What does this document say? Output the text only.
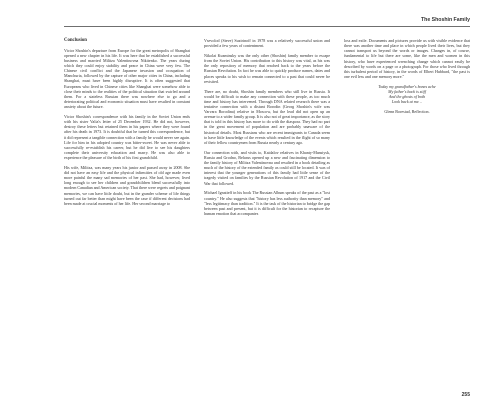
The Shoshin Family
Conclusion

Victor Shoshin's departure from Europe for the great metropolis of Shanghai opened a new chapter in his life. It was here that he established a successful business and married Militza Valentinovna Nikitenko. The years during which they could enjoy stability and peace in China were very few. The Chinese civil conflict and the Japanese invasion and occupation of Manchuria, followed by the capture of other major cities in China, including Shanghai, must have been highly disruptive. It is often suggested that Europeans who lived in Chinese cities like Shanghai were somehow able to close their minds to the realities of the political situation that swirled around them. For a stateless Russian there was nowhere else to go and a deteriorating political and economic situation must have resulted in constant anxiety about the future.

Victor Shoshin's correspondence with his family in the Soviet Union ends with his sister Valia's letter of 25 December 1932. He did not, however, destroy these letters but retained them in his papers where they were found after his death in 1973. It is doubtful that he turned this correspondence, but it did represent a tangible connection with a family he would never see again. Life for him in his adopted country was bitter-sweet. He was never able to successfully re-establish his career, but he did live to see his daughters complete their university education and marry. He was also able to experience the pleasure of the birth of his first grandchild.

His wife, Militza, was many years his junior and passed away in 2008. She did not have an easy life and the physical infirmities of old age made even more painful the many sad memories of her past. She had, however, lived long enough to see her children and grandchildren blend successfully into modern Canadian and American society. That there were regrets and poignant memories, we can have little doubt, but in the grander scheme of life things turned out far better than might have been the case if different decisions had been made at crucial moments of her life. Her second marriage to

Vsevolod (Steve) Suzirinoff in 1978 was a relatively successful union and provided a few years of contentment.

Nikolai Kuzminsky was the only other (Shoshin) family member to escape from the Soviet Union. His contribution to this history was vital, as his was the only repository of memory that reached back to the years before the Russian Revolution. In fact he was able to quickly produce names, dates and places speaks to his wish to remain connected to a past that could never be revisited.

There are, no doubt, Shoshin family members who still live in Russia. It would be difficult to make any connection with these people, as too much time and history has intervened. Through DNA related research there was a tentative connection with a distant Borodin (Georg Shoshin's wife was Varvara Borodina) relative in Moscow, but the lead did not open up an avenue to a wider family group. It is also not of great importance, as the story that is told in this history has more to do with the diaspora. They had no part in the great movement of population and are probably unaware of the historical details. Most Russians who are recent immigrants to Canada seem to have little knowledge of the events which resulted in the flight of so many of their fellow countrymen from Russia nearly a century ago.

Our connection with, and visits to, Kaidalov relatives in Khanty-Mansiysk, Russia and Grodno, Belarus opened up a new and fascinating dimension to the family history of Militza Valentinovna and resulted in a book detailing as much of the history of the extended family as could still be located. It was of interest that the younger generations of this family had little sense of the tragedy visited on families by the Russian Revolution of 1917 and the Civil War that followed.

Michael Ignatieff in his book The Russian Album speaks of the past as a "lost country." He also suggests that "history has less authority than memory" and "less legitimacy than tradition." It is the task of the historian to bridge the gap between past and present, but it is difficult for the historian to recapture the human emotion that accompanies

loss and exile. Documents and pictures provide us with visible evidence that there was another time and place in which people lived their lives, but they cannot transport us beyond the words or images. Changes in, of course, fundamental to life but there are some, like the men and women in this history, who have experienced wrenching change which cannot easily be described by words on a page or a photograph. For those who lived through this turbulent period of history, in the words of Elbert Hubbard, "the past is one evil less and one memory more."

Today my grandfather's bones ache
My father's back is stiff
And the ghosts of both
Look back at me…
Glenn Borestad, Reflection.
255
